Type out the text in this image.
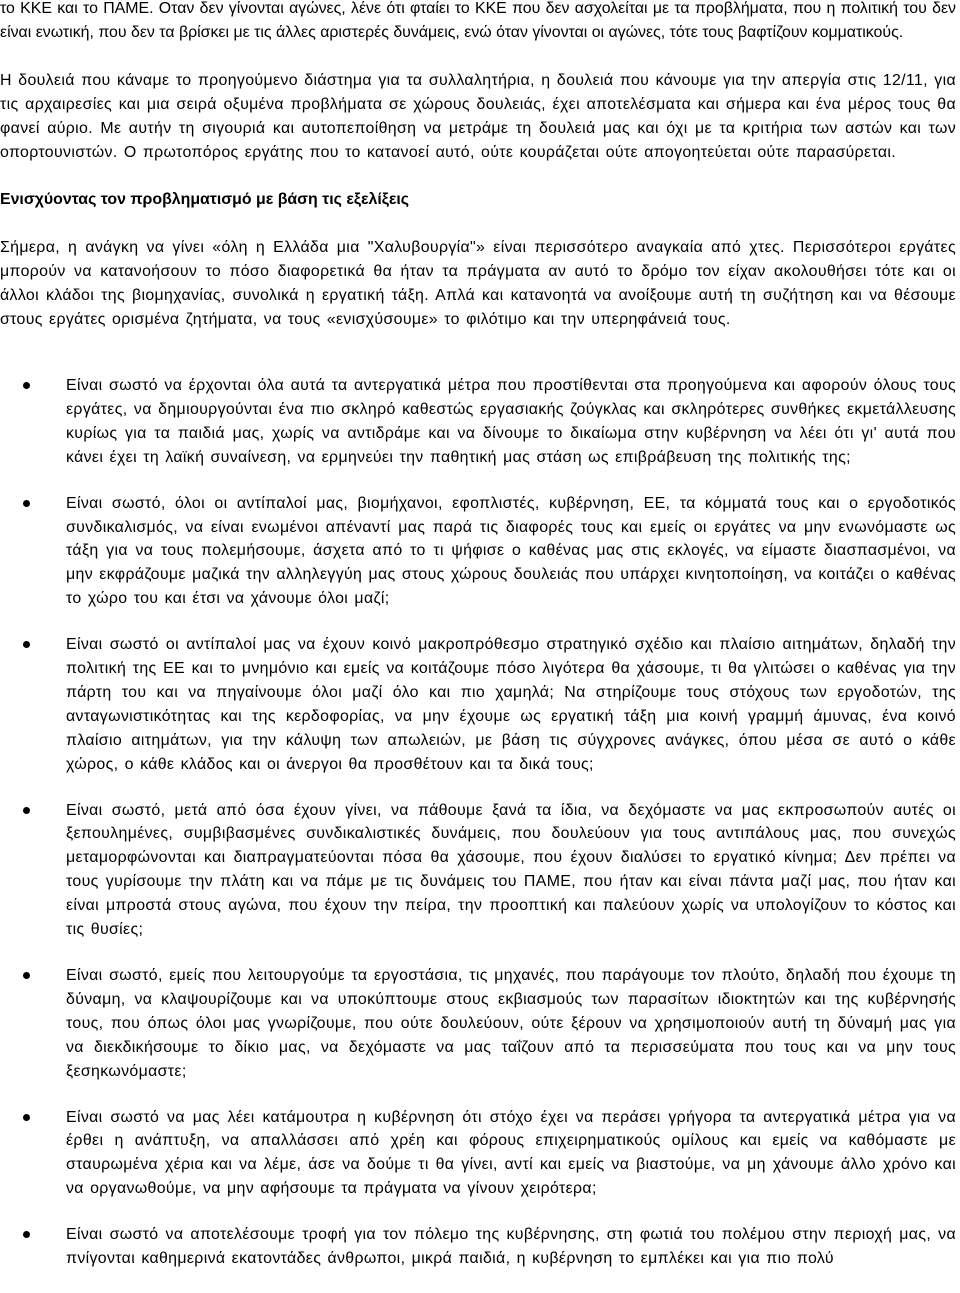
το ΚΚΕ και το ΠΑΜΕ. Οταν δεν γίνονται αγώνες, λένε ότι φταίει το ΚΚΕ που δεν ασχολείται με τα προβλήματα, που η πολιτική του δεν είναι ενωτική, που δεν τα βρίσκει με τις άλλες αριστερές δυνάμεις, ενώ όταν γίνονται οι αγώνες, τότε τους βαφτίζουν κομματικούς.

Η δουλειά που κάναμε το προηγούμενο διάστημα για τα συλλαλητήρια, η δουλειά που κάνουμε για την απεργία στις 12/11, για τις αρχαιρεσίες και μια σειρά οξυμένα προβλήματα σε χώρους δουλειάς, έχει αποτελέσματα και σήμερα και ένα μέρος τους θα φανεί αύριο. Με αυτήν τη σιγουριά και αυτοπεποίθηση να μετράμε τη δουλειά μας και όχι με τα κριτήρια των αστών και των οπορτουνιστών. Ο πρωτοπόρος εργάτης που το κατανοεί αυτό, ούτε κουράζεται ούτε απογοητεύεται ούτε παρασύρεται.

Ενισχύοντας τον προβληματισμό με βάση τις εξελίξεις

Σήμερα, η ανάγκη να γίνει «όλη η Ελλάδα μια "Χαλυβουργία"» είναι περισσότερο αναγκαία από χτες. Περισσότεροι εργάτες μπορούν να κατανοήσουν το πόσο διαφορετικά θα ήταν τα πράγματα αν αυτό το δρόμο τον είχαν ακολουθήσει τότε και οι άλλοι κλάδοι της βιομηχανίας, συνολικά η εργατική τάξη. Απλά και κατανοητά να ανοίξουμε αυτή τη συζήτηση και να θέσουμε στους εργάτες ορισμένα ζητήματα, να τους «ενισχύσουμε» το φιλότιμο και την υπερηφάνειά τους.

Είναι σωστό να έρχονται όλα αυτά τα αντεργατικά μέτρα που προστίθενται στα προηγούμενα και αφορούν όλους τους εργάτες, να δημιουργούνται ένα πιο σκληρό καθεστώς εργασιακής ζούγκλας και σκληρότερες συνθήκες εκμετάλλευσης κυρίως για τα παιδιά μας, χωρίς να αντιδράμε και να δίνουμε το δικαίωμα στην κυβέρνηση να λέει ότι γι' αυτά που κάνει έχει τη λαϊκή συναίνεση, να ερμηνεύει την παθητική μας στάση ως επιβράβευση της πολιτικής της;
Είναι σωστό, όλοι οι αντίπαλοί μας, βιομήχανοι, εφοπλιστές, κυβέρνηση, ΕΕ, τα κόμματά τους και ο εργοδοτικός συνδικαλισμός, να είναι ενωμένοι απέναντί μας παρά τις διαφορές τους και εμείς οι εργάτες να μην ενωνόμαστε ως τάξη για να τους πολεμήσουμε, άσχετα από το τι ψήφισε ο καθένας μας στις εκλογές, να είμαστε διασπασμένοι, να μην εκφράζουμε μαζικά την αλληλεγγύη μας στους χώρους δουλειάς που υπάρχει κινητοποίηση, να κοιτάζει ο καθένας το χώρο του και έτσι να χάνουμε όλοι μαζί;
Είναι σωστό οι αντίπαλοί μας να έχουν κοινό μακροπρόθεσμο στρατηγικό σχέδιο και πλαίσιο αιτημάτων, δηλαδή την πολιτική της ΕΕ και το μνημόνιο και εμείς να κοιτάζουμε πόσο λιγότερα θα χάσουμε, τι θα γλιτώσει ο καθένας για την πάρτη του και να πηγαίνουμε όλοι μαζί όλο και πιο χαμηλά; Να στηρίζουμε τους στόχους των εργοδοτών, της ανταγωνιστικότητας και της κερδοφορίας, να μην έχουμε ως εργατική τάξη μια κοινή γραμμή άμυνας, ένα κοινό πλαίσιο αιτημάτων, για την κάλυψη των απωλειών, με βάση τις σύγχρονες ανάγκες, όπου μέσα σε αυτό ο κάθε χώρος, ο κάθε κλάδος και οι άνεργοι θα προσθέτουν και τα δικά τους;
Είναι σωστό, μετά από όσα έχουν γίνει, να πάθουμε ξανά τα ίδια, να δεχόμαστε να μας εκπροσωπούν αυτές οι ξεπουλημένες, συμβιβασμένες συνδικαλιστικές δυνάμεις, που δουλεύουν για τους αντιπάλους μας, που συνεχώς μεταμορφώνονται και διαπραγματεύονται πόσα θα χάσουμε, που έχουν διαλύσει το εργατικό κίνημα; Δεν πρέπει να τους γυρίσουμε την πλάτη και να πάμε με τις δυνάμεις του ΠΑΜΕ, που ήταν και είναι πάντα μαζί μας, που ήταν και είναι μπροστά στους αγώνα, που έχουν την πείρα, την προοπτική και παλεύουν χωρίς να υπολογίζουν το κόστος και τις θυσίες;
Είναι σωστό, εμείς που λειτουργούμε τα εργοστάσια, τις μηχανές, που παράγουμε τον πλούτο, δηλαδή που έχουμε τη δύναμη, να κλαψουρίζουμε και να υποκύπτουμε στους εκβιασμούς των παρασίτων ιδιοκτητών και της κυβέρνησής τους, που όπως όλοι μας γνωρίζουμε, που ούτε δουλεύουν, ούτε ξέρουν να χρησιμοποιούν αυτή τη δύναμή μας για να διεκδικήσουμε το δίκιο μας, να δεχόμαστε να μας ταΐζουν από τα περισσεύματα που τους και να μην τους ξεσηκωνόμαστε;
Είναι σωστό να μας λέει κατάμουτρα η κυβέρνηση ότι στόχο έχει να περάσει γρήγορα τα αντεργατικά μέτρα για να έρθει η ανάπτυξη, να απαλλάσσει από χρέη και φόρους επιχειρηματικούς ομίλους και εμείς να καθόμαστε με σταυρωμένα χέρια και να λέμε, άσε να δούμε τι θα γίνει, αντί και εμείς να βιαστούμε, να μη χάνουμε άλλο χρόνο και να οργανωθούμε, να μην αφήσουμε τα πράγματα να γίνουν χειρότερα;
Είναι σωστό να αποτελέσουμε τροφή για τον πόλεμο της κυβέρνησης, στη φωτιά του πολέμου στην περιοχή μας, να πνίγονται καθημερινά εκατοντάδες άνθρωποι, μικρά παιδιά, η κυβέρνηση το εμπλέκει και για πιο πολύ
